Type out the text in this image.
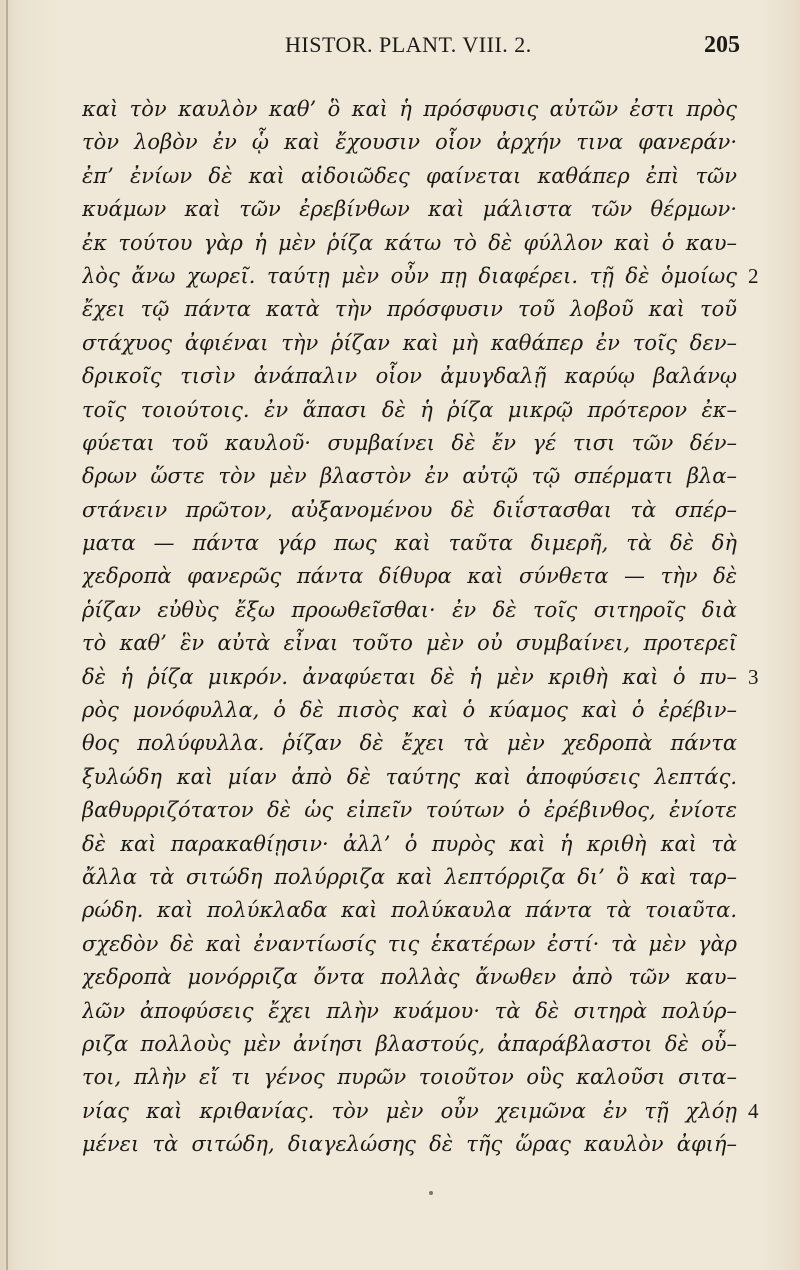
HISTOR. PLANT. VIII. 2.	205
καὶ τὸν καυλὸν καθ’ ὃ καὶ ἡ πρόσφυσις αὐτῶν ἐστι πρὸς
τὸν λοβὸν ἐν ᾧ καὶ ἔχουσιν οἷον ἀρχήν τινα φανεράν·
ἐπ’ ἐνίων δὲ καὶ αἰδοιῶδες φαίνεται καθάπερ ἐπὶ τῶν
κυάμων καὶ τῶν ἐρεβίνθων καὶ μάλιστα τῶν θέρμων·
ἐκ τούτου γὰρ ἡ μὲν ῥίζα κάτω τὸ δὲ φύλλον καὶ ὁ καυ–
λὸς ἄνω χωρεῖ. ταύτῃ μὲν οὖν πῃ διαφέρει. τῇ δὲ ὁμοίως
ἔχει τῷ πάντα κατὰ τὴν πρόσφυσιν τοῦ λοβοῦ καὶ τοῦ
στάχυος ἀφιέναι τὴν ῥίζαν καὶ μὴ καθάπερ ἐν τοῖς δεν–
δρικοῖς τισὶν ἀνάπαλιν οἷον ἀμυγδαλῇ καρύῳ βαλάνῳ
τοῖς τοιούτοις. ἐν ἅπασι δὲ ἡ ῥίζα μικρῷ πρότερον ἐκ–
φύεται τοῦ καυλοῦ· συμβαίνει δὲ ἔν γέ τισι τῶν δέν–
δρων ὥστε τὸν μὲν βλαστὸν ἐν αὐτῷ τῷ σπέρματι βλα–
στάνειν πρῶτον, αὐξανομένου δὲ διΐστασθαι τὰ σπέρ–
ματα — πάντα γάρ πως καὶ ταῦτα διμερῆ, τὰ δὲ δὴ
χεδροπὰ φανερῶς πάντα δίθυρα καὶ σύνθετα — τὴν δὲ
ῥίζαν εὐθὺς ἔξω προωθεῖσθαι· ἐν δὲ τοῖς σιτηροῖς διὰ
τὸ καθ’ ἓν αὐτὰ εἶναι τοῦτο μὲν οὐ συμβαίνει, προτερεῖ
δὲ ἡ ῥίζα μικρόν. ἀναφύεται δὲ ἡ μὲν κριθὴ καὶ ὁ πυ–
ρὸς μονόφυλλα, ὁ δὲ πισὸς καὶ ὁ κύαμος καὶ ὁ ἐρέβιν–
θος πολύφυλλα. ῥίζαν δὲ ἔχει τὰ μὲν χεδροπὰ πάντα
ξυλώδη καὶ μίαν ἀπὸ δὲ ταύτης καὶ ἀποφύσεις λεπτάς.
βαθυρριζότατον δὲ ὡς εἰπεῖν τούτων ὁ ἐρέβινθος, ἐνίοτε
δὲ καὶ παρακαθίῃσιν· ἀλλ’ ὁ πυρὸς καὶ ἡ κριθὴ καὶ τὰ
ἄλλα τὰ σιτώδη πολύρριζα καὶ λεπτόρριζα δι’ ὃ καὶ ταρ–
ρώδη. καὶ πολύκλαδα καὶ πολύκαυλα πάντα τὰ τοιαῦτα.
σχεδὸν δὲ καὶ ἐναντίωσίς τις ἑκατέρων ἐστί· τὰ μὲν γὰρ
χεδροπὰ μονόρριζα ὄντα πολλὰς ἄνωθεν ἀπὸ τῶν καυ–
λῶν ἀποφύσεις ἔχει πλὴν κυάμου· τὰ δὲ σιτηρὰ πολύρ–
ριζα πολλοὺς μὲν ἀνίησι βλαστούς, ἀπαράβλαστοι δὲ οὗ–
τοι, πλὴν εἴ τι γένος πυρῶν τοιοῦτον οὓς καλοῦσι σιτα–
νίας καὶ κριθανίας. τὸν μὲν οὖν χειμῶνα ἐν τῇ χλόῃ
μένει τὰ σιτώδη, διαγελώσης δὲ τῆς ὥρας καυλὸν ἀφιή–
2
3
4
